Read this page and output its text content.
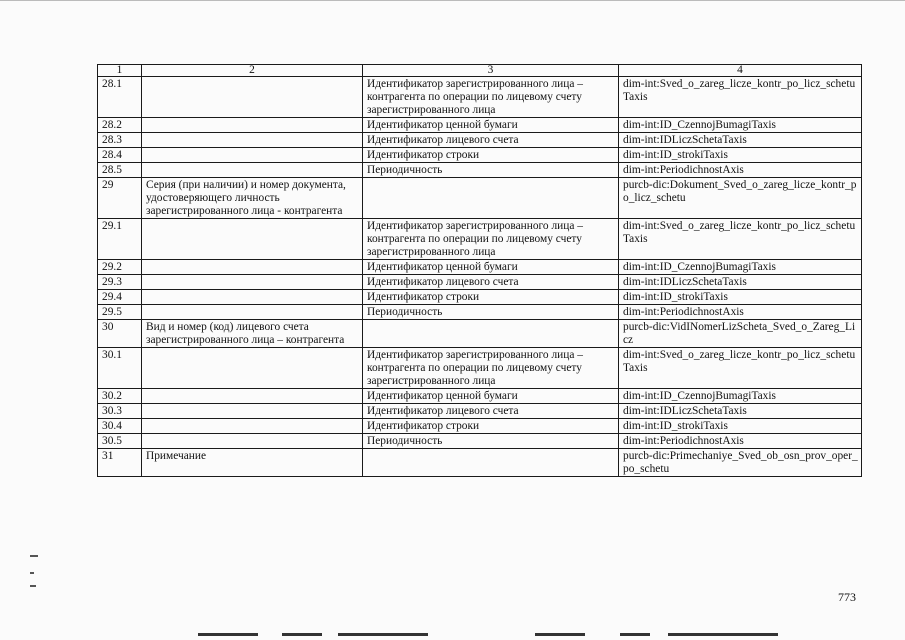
1	2	3	4
28.1		Идентификатор зарегистрированного лица – контрагента по операции по лицевому счету зарегистрированного лица	dim-int:Sved_o_zareg_licze_kontr_po_licz_schetuTaxis
28.2		Идентификатор ценной бумаги	dim-int:ID_CzennojBumagiTaxis
28.3		Идентификатор лицевого счета	dim-int:IDLiczSchetaTaxis
28.4		Идентификатор строки	dim-int:ID_strokiTaxis
28.5		Периодичность	dim-int:PeriodichnostAxis
29	Серия (при наличии) и номер документа, удостоверяющего личность зарегистрированного лица - контрагента		purcb-dic:Dokument_Sved_o_zareg_licze_kontr_po_licz_schetu
29.1		Идентификатор зарегистрированного лица – контрагента по операции по лицевому счету зарегистрированного лица	dim-int:Sved_o_zareg_licze_kontr_po_licz_schetuTaxis
29.2		Идентификатор ценной бумаги	dim-int:ID_CzennojBumagiTaxis
29.3		Идентификатор лицевого счета	dim-int:IDLiczSchetaTaxis
29.4		Идентификатор строки	dim-int:ID_strokiTaxis
29.5		Периодичность	dim-int:PeriodichnostAxis
30	Вид и номер (код) лицевого счета зарегистрированного лица – контрагента		purcb-dic:VidINomerLizScheta_Sved_o_Zareg_Licz
30.1		Идентификатор зарегистрированного лица – контрагента по операции по лицевому счету зарегистрированного лица	dim-int:Sved_o_zareg_licze_kontr_po_licz_schetuTaxis
30.2		Идентификатор ценной бумаги	dim-int:ID_CzennojBumagiTaxis
30.3		Идентификатор лицевого счета	dim-int:IDLiczSchetaTaxis
30.4		Идентификатор строки	dim-int:ID_strokiTaxis
30.5		Периодичность	dim-int:PeriodichnostAxis
31	Примечание		purcb-dic:Primechaniye_Sved_ob_osn_prov_oper_po_schetu
773
